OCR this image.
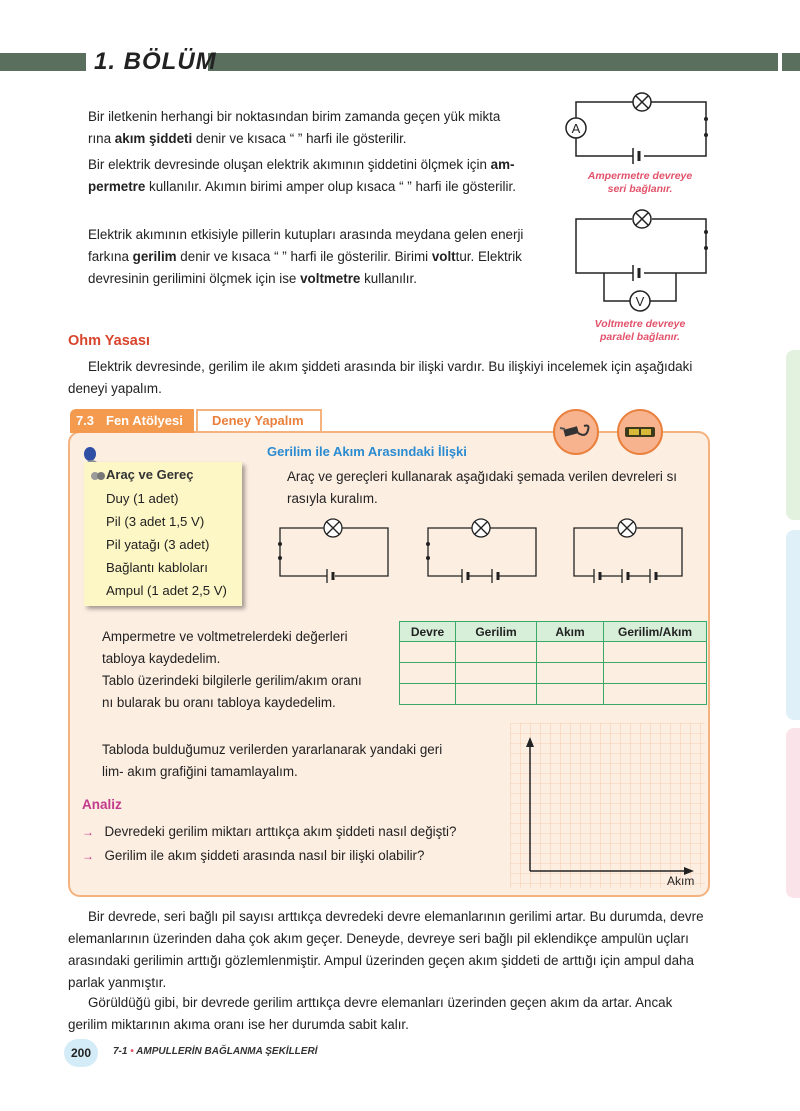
1. BÖLÜM
Bir iletkenin herhangi bir noktasından birim zamanda geçen yük mikta
rına akım şiddeti denir ve kısaca “ ” harfi ile gösterilir.
Bir elektrik devresinde oluşan elektrik akımının şiddetini ölçmek için am-
permetre kullanılır. Akımın birimi amper olup kısaca “ ” harfi ile gösterilir.
Elektrik akımının etkisiyle pillerin kutupları arasında meydana gelen enerji
farkına gerilim denir ve kısaca “ ” harfi ile gösterilir. Birimi volttur. Elektrik
devresinin gerilimini ölçmek için ise voltmetre kullanılır.
A
Ampermetre devreye
seri bağlanır.
V
Voltmetre devreye
paralel bağlanır.
Ohm Yasası
Elektrik devresinde, gerilim ile akım şiddeti arasında bir ilişki vardır. Bu ilişkiyi incelemek için aşağıdaki
deneyi yapalım.
7.3 Fen Atölyesi	Deney Yapalım
Gerilim ile Akım Arasındaki İlişki
Araç ve gereçleri kullanarak aşağıdaki şemada verilen devreleri sı
rasıyla kuralım.
Araç ve Gereç
Duy (1 adet)
Pil (3 adet 1,5 V)
Pil yatağı (3 adet)
Bağlantı kabloları
Ampul (1 adet 2,5 V)
Ampermetre ve voltmetrelerdeki değerleri
tabloya kaydedelim.
Tablo üzerindeki bilgilerle gerilim/akım oranı
nı bularak bu oranı tabloya kaydedelim.
Tabloda bulduğumuz verilerden yararlanarak yandaki geri
lim- akım grafiğini tamamlayalım.
Devre	Gerilim	Akım	Gerilim/Akım

Akım
Analiz
→ Devredeki gerilim miktarı arttıkça akım şiddeti nasıl değişti?
→ Gerilim ile akım şiddeti arasında nasıl bir ilişki olabilir?
Bir devrede, seri bağlı pil sayısı arttıkça devredeki devre elemanlarının gerilimi artar. Bu durumda, devre
elemanlarının üzerinden daha çok akım geçer. Deneyde, devreye seri bağlı pil eklendikçe ampulün uçları
arasındaki gerilimin arttığı gözlemlenmiştir. Ampul üzerinden geçen akım şiddeti de arttığı için ampul daha
parlak yanmıştır.
Görüldüğü gibi, bir devrede gerilim arttıkça devre elemanları üzerinden geçen akım da artar. Ancak
gerilim miktarının akıma oranı ise her durumda sabit kalır.
200	7-1 • AMPULLERİN BAĞLANMA ŞEKİLLERİ
